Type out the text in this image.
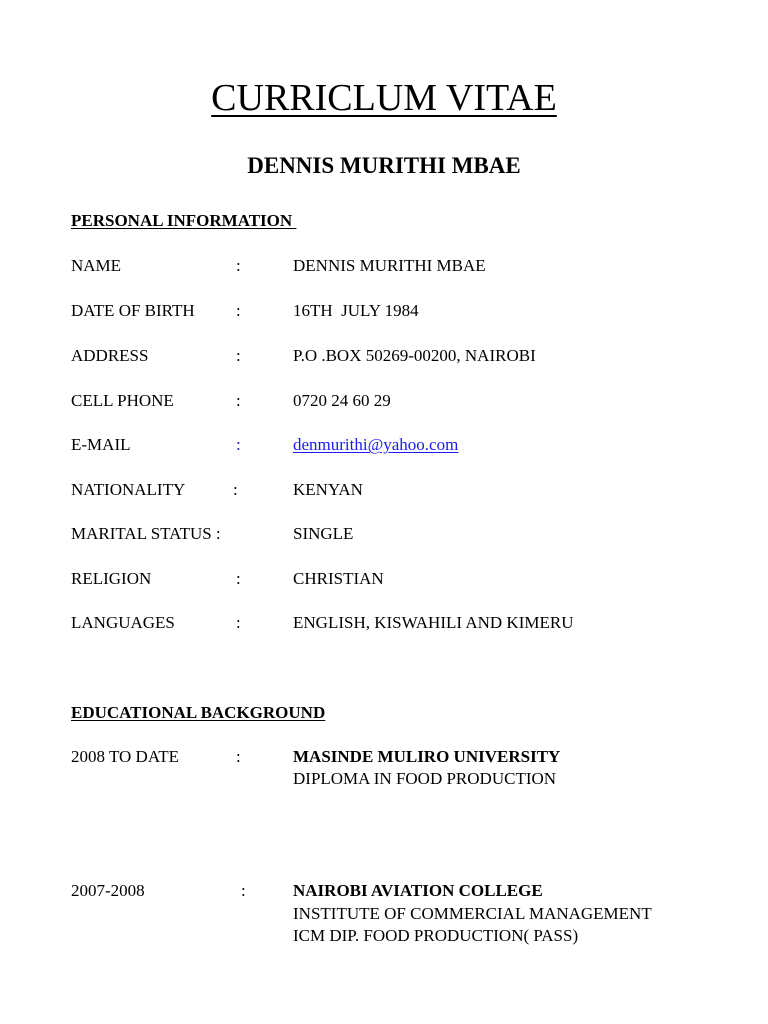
CURRICLUM VITAE
DENNIS MURITHI MBAE
PERSONAL INFORMATION
NAME	:	DENNIS MURITHI MBAE
DATE OF BIRTH :	16TH  JULY 1984
ADDRESS	:	P.O .BOX 50269-00200, NAIROBI
CELL PHONE	:	0720 24 60 29
E-MAIL	:	denmurithi@yahoo.com
NATIONALITY	:	KENYAN
MARITAL STATUS :	SINGLE
RELIGION	:	CHRISTIAN
LANGUAGES	:	ENGLISH, KISWAHILI AND KIMERU
EDUCATIONAL BACKGROUND
2008 TO DATE	:	MASINDE MULIRO UNIVERSITY
DIPLOMA IN FOOD PRODUCTION
2007-2008	:	NAIROBI AVIATION COLLEGE
INSTITUTE OF COMMERCIAL MANAGEMENT
ICM DIP. FOOD PRODUCTION( PASS)
